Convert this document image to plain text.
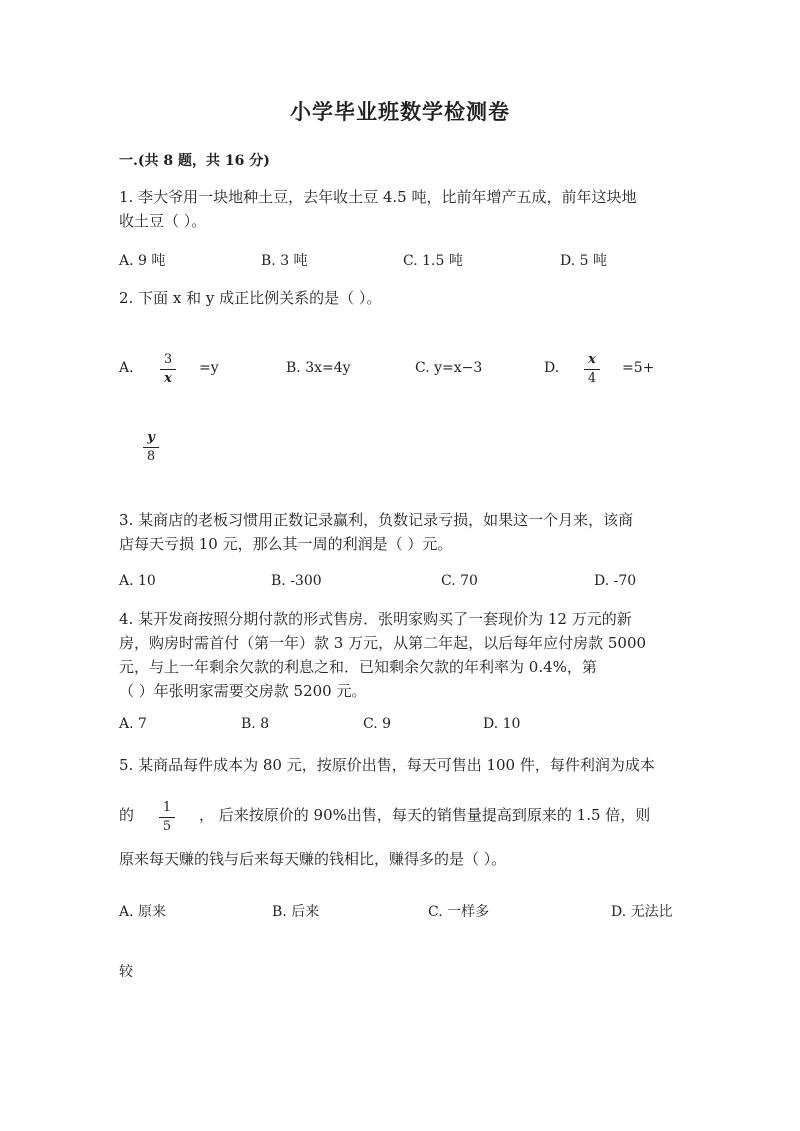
小学毕业班数学检测卷
一.(共 8 题，共 16 分)
1. 李大爷用一块地种土豆，去年收土豆 4.5 吨，比前年增产五成，前年这块地
收土豆（ ）。
A. 9 吨	B. 3 吨	C. 1.5 吨	D. 5 吨
2. 下面 x 和 y 成正比例关系的是（ ）。
A.
3
x
=y	B. 3x=4y	C. y=x−3	D.
x
4
=5+
y
8
3. 某商店的老板习惯用正数记录赢利，负数记录亏损，如果这一个月来，该商
店每天亏损 10 元，那么其一周的利润是（ ）元。
A. 10	B. -300	C. 70	D. -70
4. 某开发商按照分期付款的形式售房．张明家购买了一套现价为 12 万元的新
房，购房时需首付（第一年）款 3 万元，从第二年起，以后每年应付房款 5000
元，与上一年剩余欠款的利息之和．已知剩余欠款的年利率为 0.4%，第
（ ）年张明家需要交房款 5200 元。
A. 7	B. 8	C. 9	D. 10
5. 某商品每件成本为 80 元，按原价出售，每天可售出 100 件，每件利润为成本
的	1
5
， 后来按原价的 90%出售，每天的销售量提高到原来的 1.5 倍，则
原来每天赚的钱与后来每天赚的钱相比，赚得多的是（ ）。
A. 原来	B. 后来	C. 一样多	D. 无法比
较
